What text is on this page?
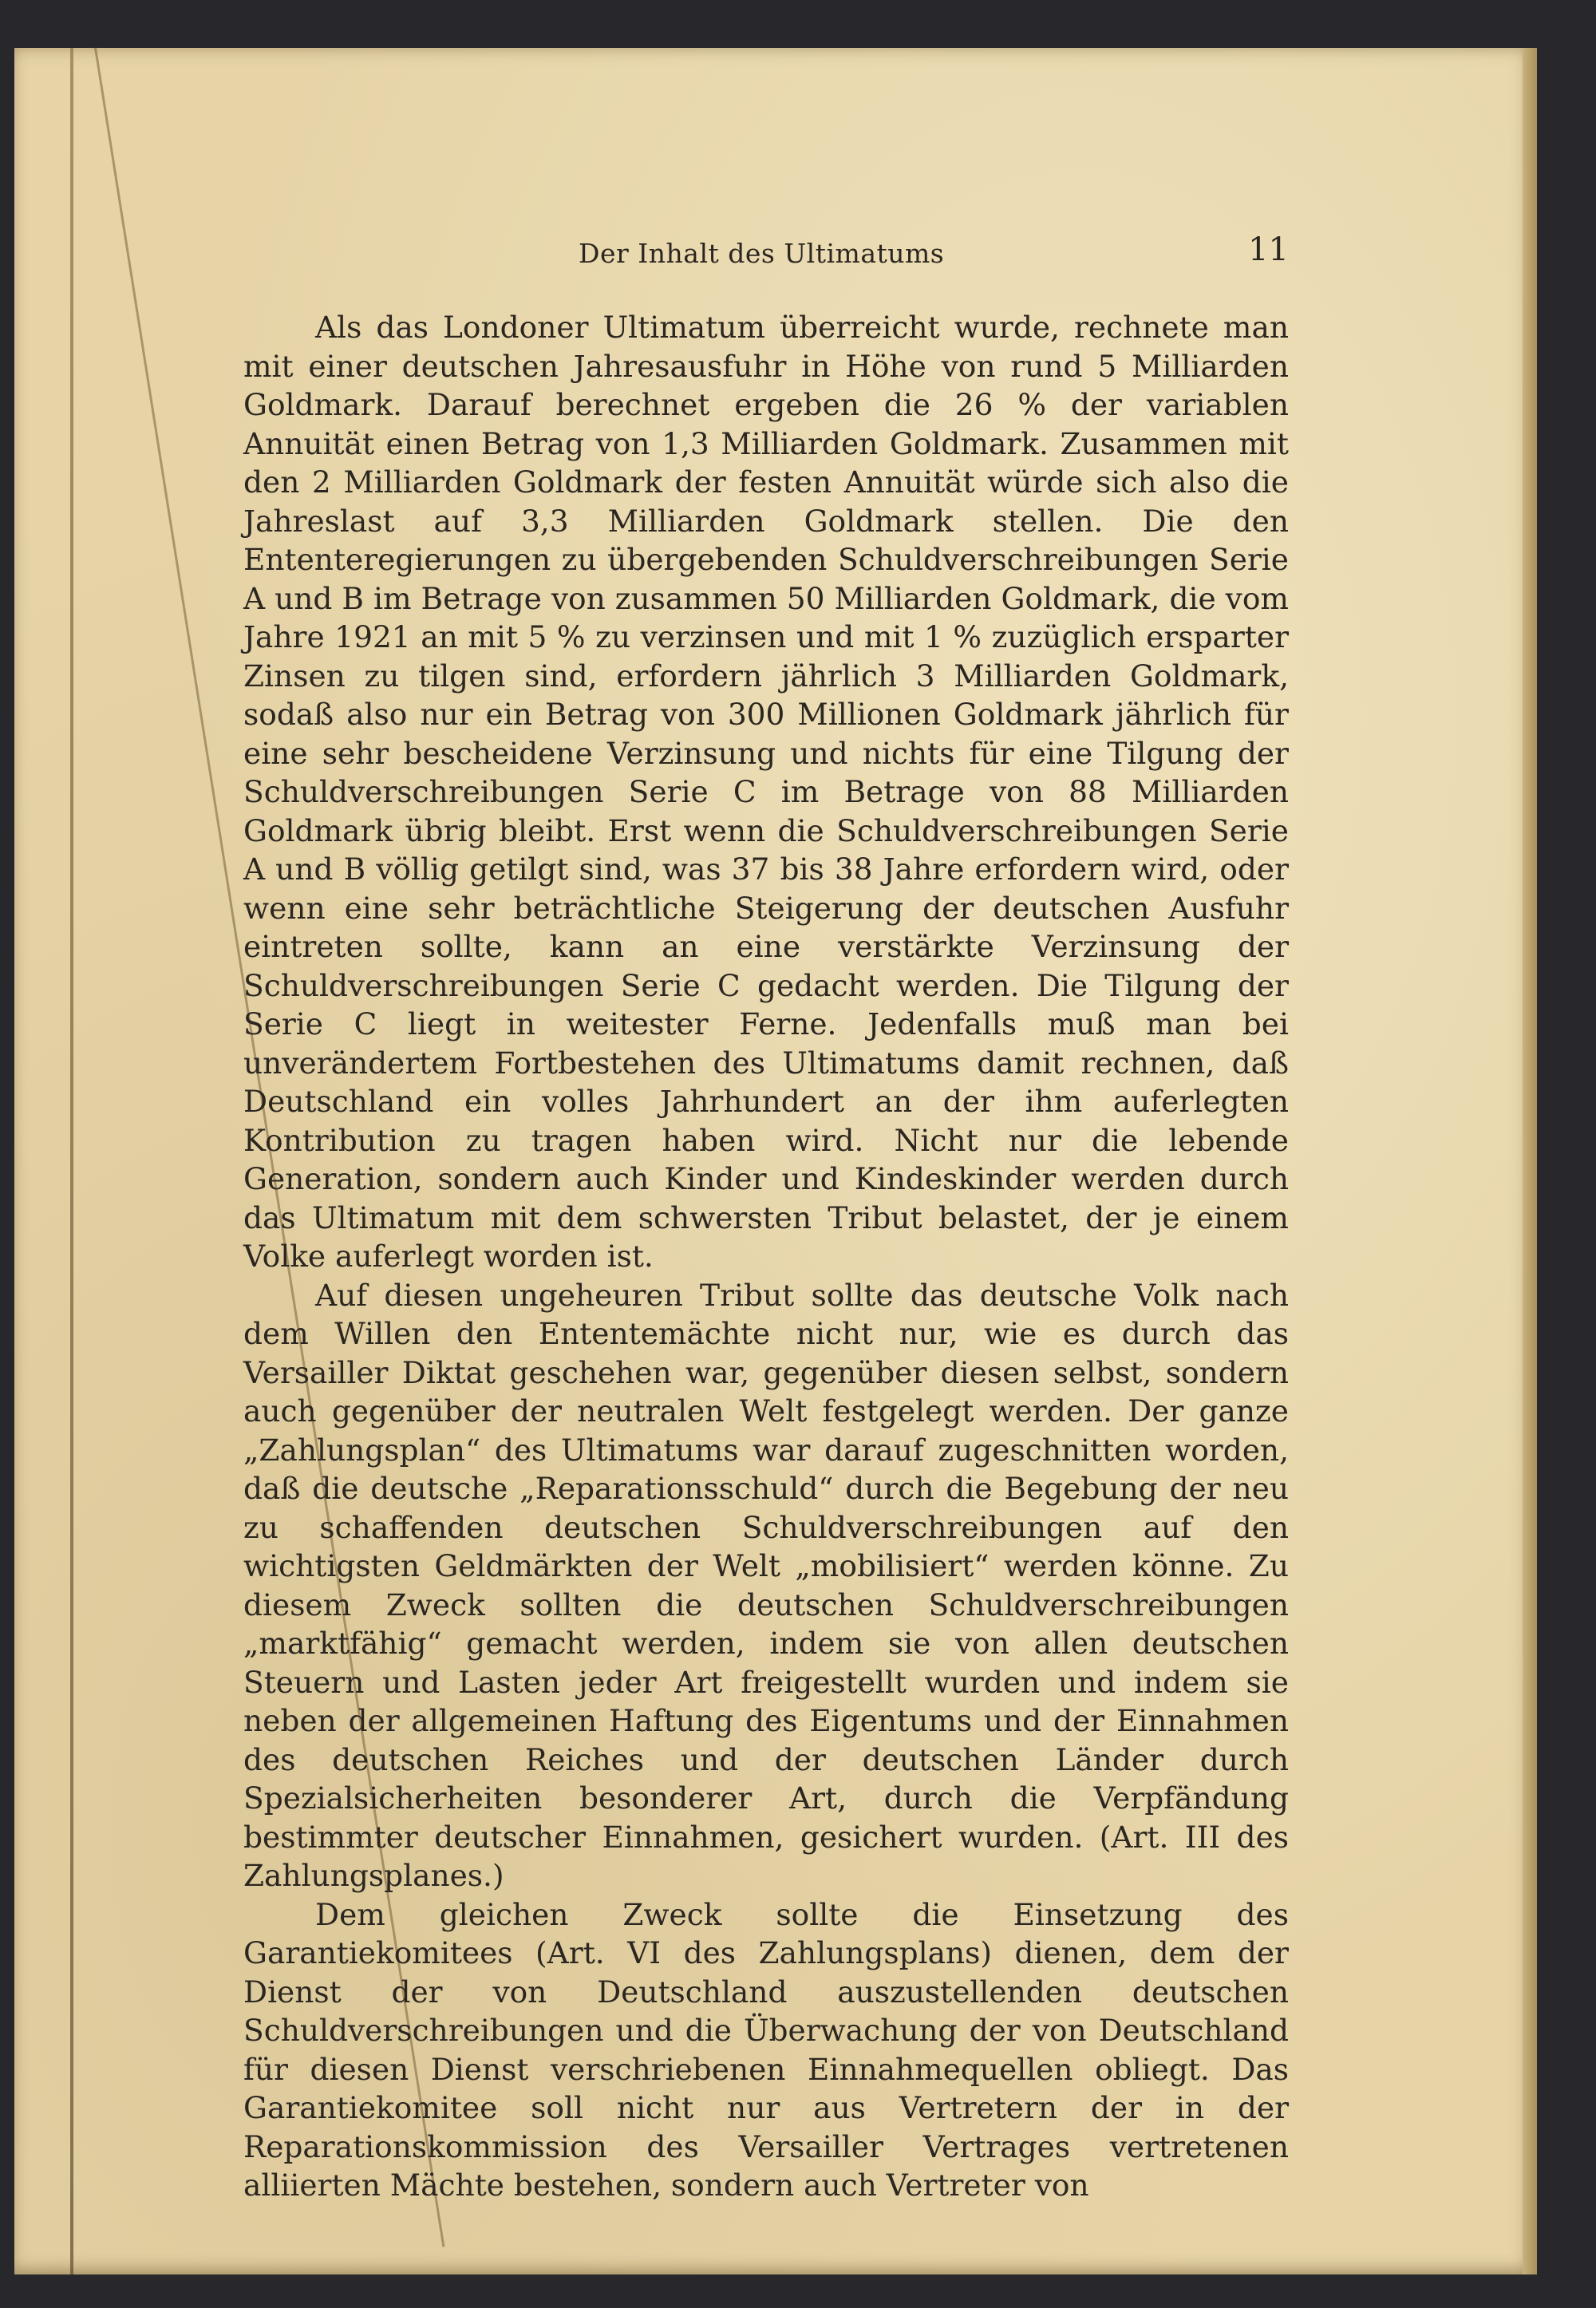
Der Inhalt des Ultimatums	11

Als das Londoner Ultimatum überreicht wurde, rechnete man mit einer deutschen Jahresausfuhr in Höhe von rund 5 Milliarden Goldmark. Darauf berechnet ergeben die 26 % der variablen Annuität einen Betrag von 1,3 Milliarden Goldmark. Zusammen mit den 2 Milliarden Goldmark der festen Annuität würde sich also die Jahreslast auf 3,3 Milliarden Goldmark stellen. Die den Ententeregierungen zu übergebenden Schuldverschreibungen Serie A und B im Betrage von zusammen 50 Milliarden Goldmark, die vom Jahre 1921 an mit 5 % zu verzinsen und mit 1 % zuzüglich ersparter Zinsen zu tilgen sind, erfordern jährlich 3 Milliarden Goldmark, sodaß also nur ein Betrag von 300 Millionen Goldmark jährlich für eine sehr bescheidene Verzinsung und nichts für eine Tilgung der Schuldverschreibungen Serie C im Betrage von 88 Milliarden Goldmark übrig bleibt. Erst wenn die Schuldverschreibungen Serie A und B völlig getilgt sind, was 37 bis 38 Jahre erfordern wird, oder wenn eine sehr beträchtliche Steigerung der deutschen Ausfuhr eintreten sollte, kann an eine verstärkte Verzinsung der Schuldverschreibungen Serie C gedacht werden. Die Tilgung der Serie C liegt in weitester Ferne. Jedenfalls muß man bei unverändertem Fortbestehen des Ultimatums damit rechnen, daß Deutschland ein volles Jahrhundert an der ihm auferlegten Kontribution zu tragen haben wird. Nicht nur die lebende Generation, sondern auch Kinder und Kindeskinder werden durch das Ultimatum mit dem schwersten Tribut belastet, der je einem Volke auferlegt worden ist.

Auf diesen ungeheuren Tribut sollte das deutsche Volk nach dem Willen den Ententemächte nicht nur, wie es durch das Versailler Diktat geschehen war, gegenüber diesen selbst, sondern auch gegenüber der neutralen Welt festgelegt werden. Der ganze „Zahlungsplan“ des Ultimatums war darauf zugeschnitten worden, daß die deutsche „Reparationsschuld“ durch die Begebung der neu zu schaffenden deutschen Schuldverschreibungen auf den wichtigsten Geldmärkten der Welt „mobilisiert“ werden könne. Zu diesem Zweck sollten die deutschen Schuldverschreibungen „marktfähig“ gemacht werden, indem sie von allen deutschen Steuern und Lasten jeder Art freigestellt wurden und indem sie neben der allgemeinen Haftung des Eigentums und der Einnahmen des deutschen Reiches und der deutschen Länder durch Spezialsicherheiten besonderer Art, durch die Verpfändung bestimmter deutscher Einnahmen, gesichert wurden. (Art. III des Zahlungsplanes.)

Dem gleichen Zweck sollte die Einsetzung des Garantiekomitees (Art. VI des Zahlungsplans) dienen, dem der Dienst der von Deutschland auszustellenden deutschen Schuldverschreibungen und die Überwachung der von Deutschland für diesen Dienst verschriebenen Einnahmequellen obliegt. Das Garantiekomitee soll nicht nur aus Vertretern der in der Reparationskommission des Versailler Vertrages vertretenen alliierten Mächte bestehen, sondern auch Vertreter von
